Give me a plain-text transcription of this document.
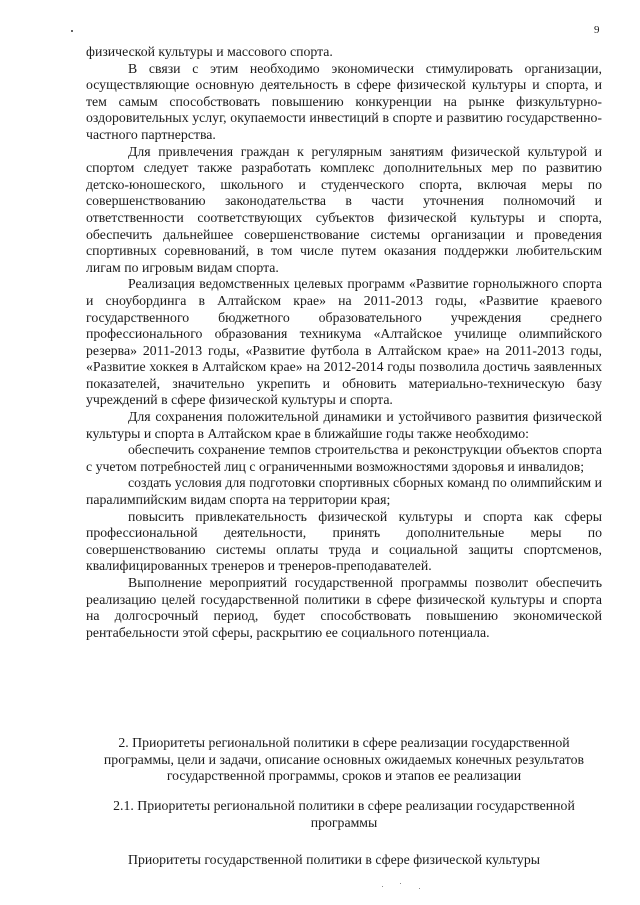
9

физической культуры и массового спорта.

В связи с этим необходимо экономически стимулировать организации, осуществляющие основную деятельность в сфере физической культуры и спорта, и тем самым способствовать повышению конкуренции на рынке физкультурно-оздоровительных услуг, окупаемости инвестиций в спорте и развитию государственно-частного партнерства.

Для привлечения граждан к регулярным занятиям физической культурой и спортом следует также разработать комплекс дополнительных мер по развитию детско-юношеского, школьного и студенческого спорта, включая меры по совершенствованию законодательства в части уточнения полномочий и ответственности соответствующих субъектов физической культуры и спорта, обеспечить дальнейшее совершенствование системы организации и проведения спортивных соревнований, в том числе путем оказания поддержки любительским лигам по игровым видам спорта.

Реализация ведомственных целевых программ «Развитие горнолыжного спорта и сноубординга в Алтайском крае» на 2011-2013 годы, «Развитие краевого государственного бюджетного образовательного учреждения среднего профессионального образования техникума «Алтайское училище олимпийского резерва» 2011-2013 годы, «Развитие футбола в Алтайском крае» на 2011-2013 годы, «Развитие хоккея в Алтайском крае» на 2012-2014 годы позволила достичь заявленных показателей, значительно укрепить и обновить материально-техническую базу учреждений в сфере физической культуры и спорта.

Для сохранения положительной динамики и устойчивого развития физической культуры и спорта в Алтайском крае в ближайшие годы также необходимо:

обеспечить сохранение темпов строительства и реконструкции объектов спорта с учетом потребностей лиц с ограниченными возможностями здоровья и инвалидов;

создать условия для подготовки спортивных сборных команд по олимпийским и паралимпийским видам спорта на территории края;

повысить привлекательность физической культуры и спорта как сферы профессиональной деятельности, принять дополнительные меры по совершенствованию системы оплаты труда и социальной защиты спортсменов, квалифицированных тренеров и тренеров-преподавателей.

Выполнение мероприятий государственной программы позволит обеспечить реализацию целей государственной политики в сфере физической культуры и спорта на долгосрочный период, будет способствовать повышению экономической рентабельности этой сферы, раскрытию ее социального потенциала.

2. Приоритеты региональной политики в сфере реализации государственной программы, цели и задачи, описание основных ожидаемых конечных результатов государственной программы, сроков и этапов ее реализации
2.1. Приоритеты региональной политики в сфере реализации государственной программы
Приоритеты государственной политики в сфере физической культуры
